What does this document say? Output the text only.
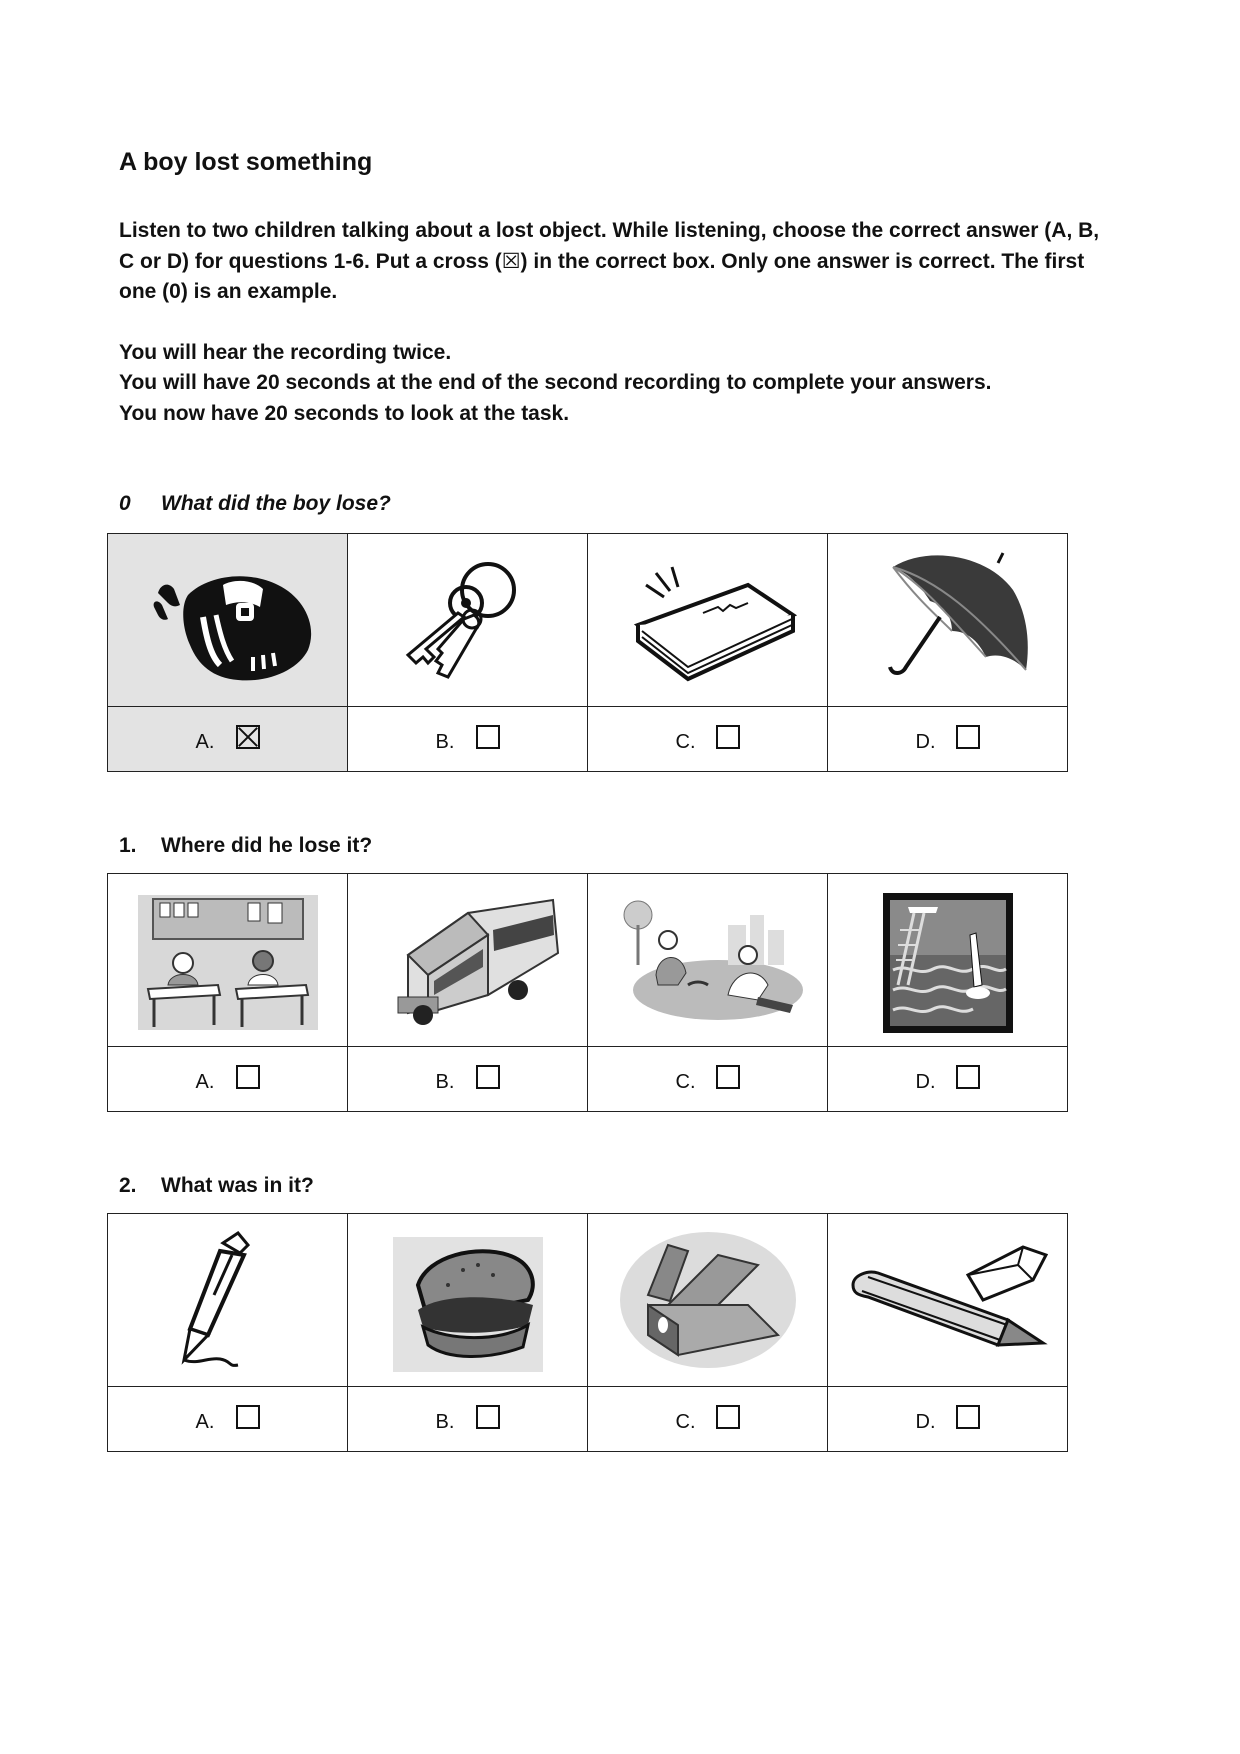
A boy lost something

Listen to two children talking about a lost object. While listening, choose the correct answer (A, B, C or D) for questions 1-6. Put a cross (☒) in the correct box. Only one answer is correct. The first one (0) is an example.

You will hear the recording twice.

You will have 20 seconds at the end of the second recording to complete your answers.

You now have 20 seconds to look at the task.

0 What did the boy lose?

A.	B.	C.	D.
1. Where did he lose it?

A.	B.	C.	D.
2. What was in it?

A.	B.	C.	D.
